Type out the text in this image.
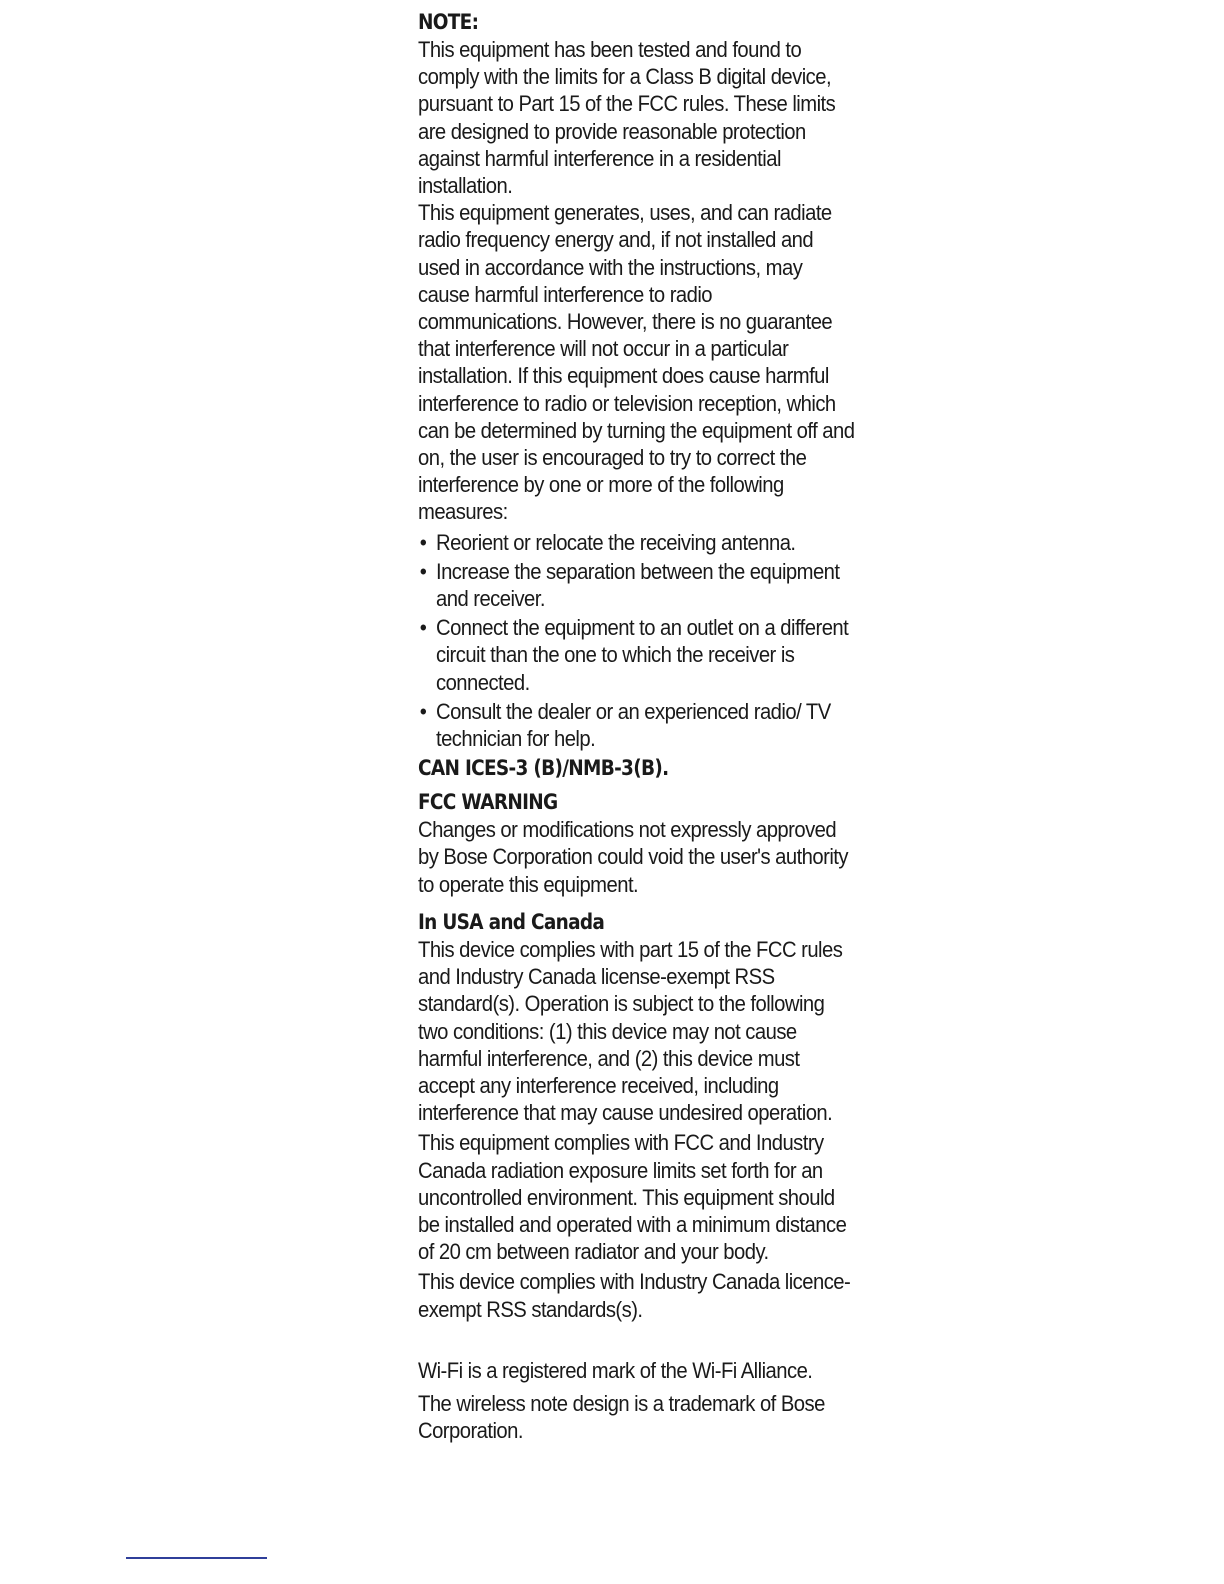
NOTE:

This equipment has been tested and found to comply with the limits for a Class B digital device, pursuant to Part 15 of the FCC rules. These limits are designed to provide reasonable protection against harmful interference in a residential installation.

This equipment generates, uses, and can radiate radio frequency energy and, if not installed and used in accordance with the instructions, may cause harmful interference to radio communications. However, there is no guarantee that interference will not occur in a particular installation. If this equipment does cause harmful interference to radio or television reception, which can be determined by turning the equipment off and on, the user is encouraged to try to correct the interference by one or more of the following measures:

• Reorient or relocate the receiving antenna.
• Increase the separation between the equipment and receiver.
• Connect the equipment to an outlet on a different circuit than the one to which the receiver is connected.
• Consult the dealer or an experienced radio/ TV technician for help.
CAN ICES-3 (B)/NMB-3(B).
FCC WARNING

Changes or modifications not expressly approved by Bose Corporation could void the user's authority to operate this equipment.

In USA and Canada

This device complies with part 15 of the FCC rules and Industry Canada license-exempt RSS standard(s). Operation is subject to the following two conditions: (1) this device may not cause harmful interference, and (2) this device must accept any interference received, including interference that may cause undesired operation.

This equipment complies with FCC and Industry Canada radiation exposure limits set forth for an uncontrolled environment. This equipment should be installed and operated with a minimum distance of 20 cm between radiator and your body.

This device complies with Industry Canada licence-exempt RSS standards(s).

Wi-Fi is a registered mark of the Wi-Fi Alliance.

The wireless note design is a trademark of Bose Corporation.
